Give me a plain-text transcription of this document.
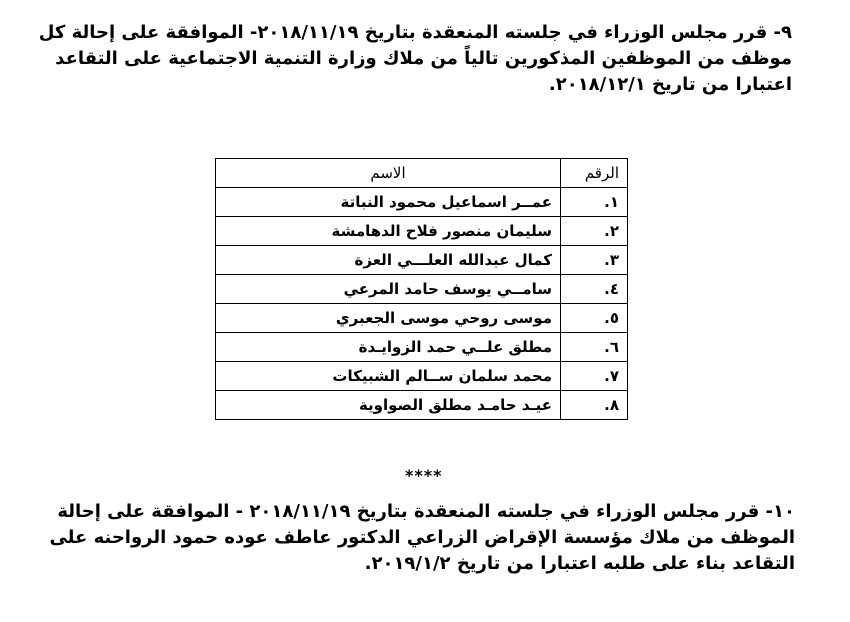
٩- قرر مجلس الوزراء في جلسته المنعقدة بتاريخ ٢٠١٨/١١/١٩- الموافقة على إحالة كل
موظف من الموظفين المذكورين تالياً من ملاك وزارة التنمية الاجتماعية على التقاعد
اعتبارا من تاريخ ٢٠١٨/١٢/١.
الرقم	الاسم
١.	عمــر اسماعيل محمود النباتة
٢.	سليمان منصور فلاح الدهامشة
٣.	كمال عبدالله العلـــي العزة
٤.	سامــي يوسف حامد المرعي
٥.	موسى روحي موسى الجعبري
٦.	مطلق علــي حمد الزوايـدة
٧.	محمد سلمان ســالم الشبيكات
٨.	عيـد حامـد مطلق الصواوية
****
١٠- قرر مجلس الوزراء في جلسته المنعقدة بتاريخ ٢٠١٨/١١/١٩ - الموافقة على إحالة
الموظف من ملاك مؤسسة الإقراض الزراعي الدكتور عاطف عوده حمود الرواحنه على
التقاعد بناء على طلبه اعتبارا من تاريخ ٢٠١٩/١/٢.
